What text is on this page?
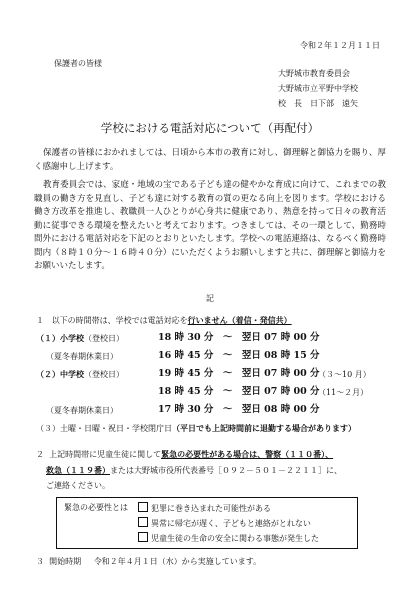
令和２年１２月１１日
保護者の皆様
大野城市教育委員会
大野城市立平野中学校
校　長　日下部　遠矢
学校における電話対応について（再配付）
保護者の皆様におかれましては、日頃から本市の教育に対し、御理解と御協力を賜り、厚く感謝申し上げます。
教育委員会では、家庭・地域の宝である子ども達の健やかな育成に向けて、これまでの教職員の働き方を見直し、子ども達に対する教育の質の更なる向上を図ります。学校における働き方改革を推進し、教職員一人ひとりが心身共に健康であり、熱意を持って日々の教育活動に従事できる環境を整えたいと考えております。つきましては、その一環として、勤務時間外における電話対応を下記のとおりといたします。学校への電話連絡は、なるべく勤務時間内（８時１０分～１６時４０分）にいただくようお願いしますと共に、御理解と御協力をお願いいたします。
記
１ 以下の時間帯は、学校では電話対応を行いません（着信・発信共）
（１）小学校（登校日）	18 時 30 分　～　翌日 07 時 00 分
（夏冬春期休業日）	16 時 45 分　～　翌日 08 時 15 分
（２）中学校（登校日）	19 時 45 分　～　翌日 07 時 00 分
（３～10 月）
18 時 45 分　～　翌日 07 時 00 分
（11～２月）
（夏冬春期休業日）	17 時 30 分　～　翌日 08 時 00 分
（３）土曜・日曜・祝日・学校閉庁日（平日でも上記時間前に退勤する場合があります）
２ 上記時間帯に児童生徒に関して緊急の必要性がある場合は、警察（１１０番）、
救急（１１９番）または大野城市役所代表番号［０９２－５０１－２２１１］に、
ご連絡ください。
緊急の必要性とは	犯罪に巻き込まれた可能性がある
異常に帰宅が遅く、子どもと連絡がとれない
児童生徒の生命の安全に関わる事態が発生した
３ 開始時期 令和２年４月１日（水）から実施しています。
